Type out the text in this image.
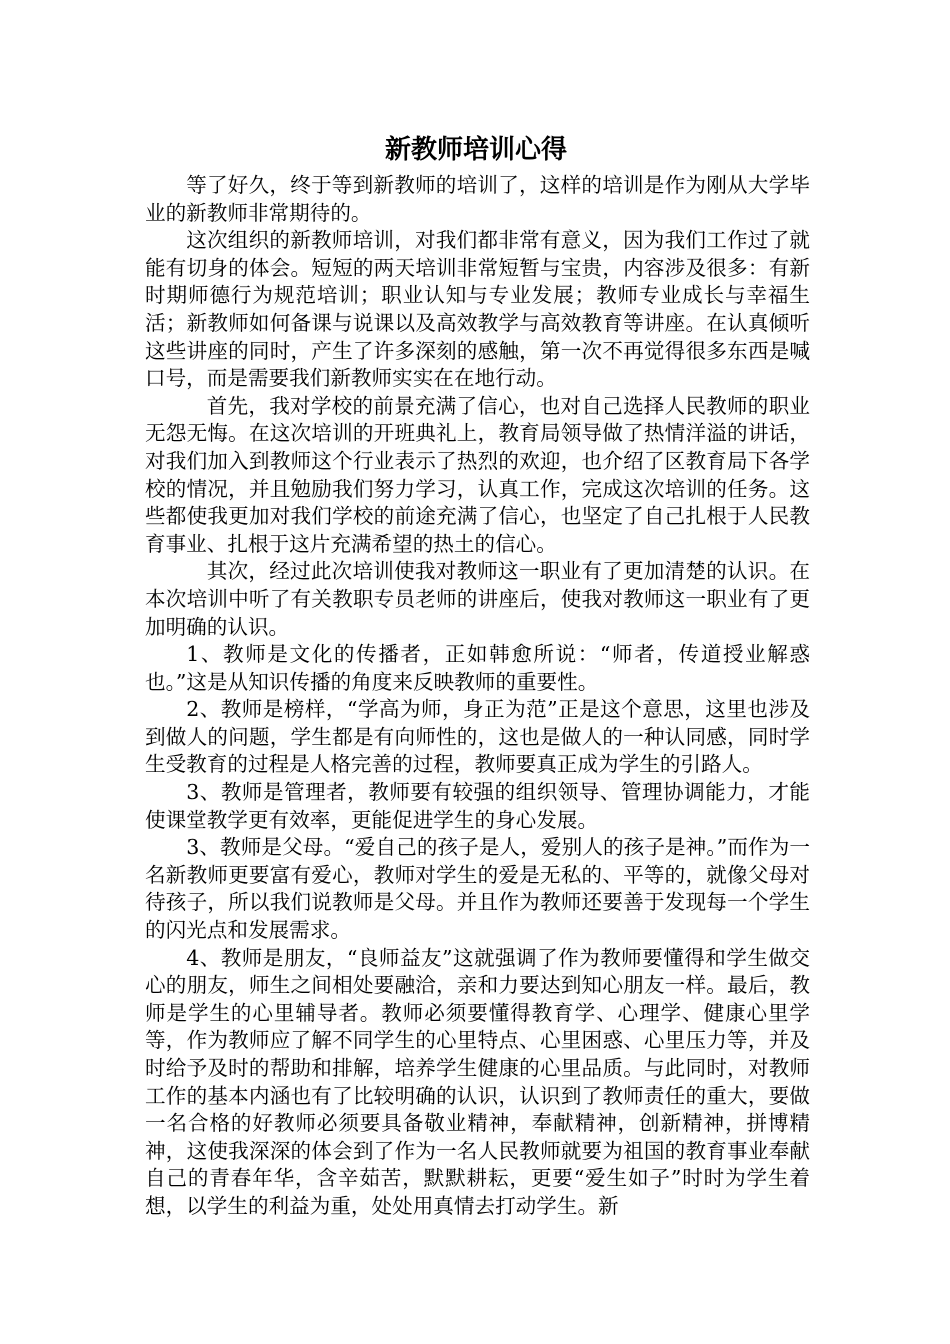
新教师培训心得

等了好久，终于等到新教师的培训了，这样的培训是作为刚从大学毕业的新教师非常期待的。

这次组织的新教师培训，对我们都非常有意义，因为我们工作过了就能有切身的体会。短短的两天培训非常短暂与宝贵，内容涉及很多：有新时期师德行为规范培训；职业认知与专业发展；教师专业成长与幸福生活；新教师如何备课与说课以及高效教学与高效教育等讲座。在认真倾听这些讲座的同时，产生了许多深刻的感触，第一次不再觉得很多东西是喊口号，而是需要我们新教师实实在在地行动。

首先，我对学校的前景充满了信心，也对自己选择人民教师的职业无怨无悔。在这次培训的开班典礼上，教育局领导做了热情洋溢的讲话，对我们加入到教师这个行业表示了热烈的欢迎，也介绍了区教育局下各学校的情况，并且勉励我们努力学习，认真工作，完成这次培训的任务。这些都使我更加对我们学校的前途充满了信心，也坚定了自己扎根于人民教育事业、扎根于这片充满希望的热土的信心。

其次，经过此次培训使我对教师这一职业有了更加清楚的认识。在本次培训中听了有关教职专员老师的讲座后，使我对教师这一职业有了更加明确的认识。

1、教师是文化的传播者，正如韩愈所说：“师者，传道授业解惑也。”这是从知识传播的角度来反映教师的重要性。

2、教师是榜样，“学高为师，身正为范”正是这个意思，这里也涉及到做人的问题，学生都是有向师性的，这也是做人的一种认同感，同时学生受教育的过程是人格完善的过程，教师要真正成为学生的引路人。

3、教师是管理者，教师要有较强的组织领导、管理协调能力，才能使课堂教学更有效率，更能促进学生的身心发展。

3、教师是父母。“爱自己的孩子是人，爱别人的孩子是神。”而作为一名新教师更要富有爱心，教师对学生的爱是无私的、平等的，就像父母对待孩子，所以我们说教师是父母。并且作为教师还要善于发现每一个学生的闪光点和发展需求。

4、教师是朋友，“良师益友”这就强调了作为教师要懂得和学生做交心的朋友，师生之间相处要融洽，亲和力要达到知心朋友一样。最后，教师是学生的心里辅导者。教师必须要懂得教育学、心理学、健康心里学等，作为教师应了解不同学生的心里特点、心里困惑、心里压力等，并及时给予及时的帮助和排解，培养学生健康的心里品质。与此同时，对教师工作的基本内涵也有了比较明确的认识，认识到了教师责任的重大，要做一名合格的好教师必须要具备敬业精神，奉献精神，创新精神，拼博精神，这使我深深的体会到了作为一名人民教师就要为祖国的教育事业奉献自己的青春年华，含辛茹苦，默默耕耘，更要“爱生如子”时时为学生着想，以学生的利益为重，处处用真情去打动学生。新
